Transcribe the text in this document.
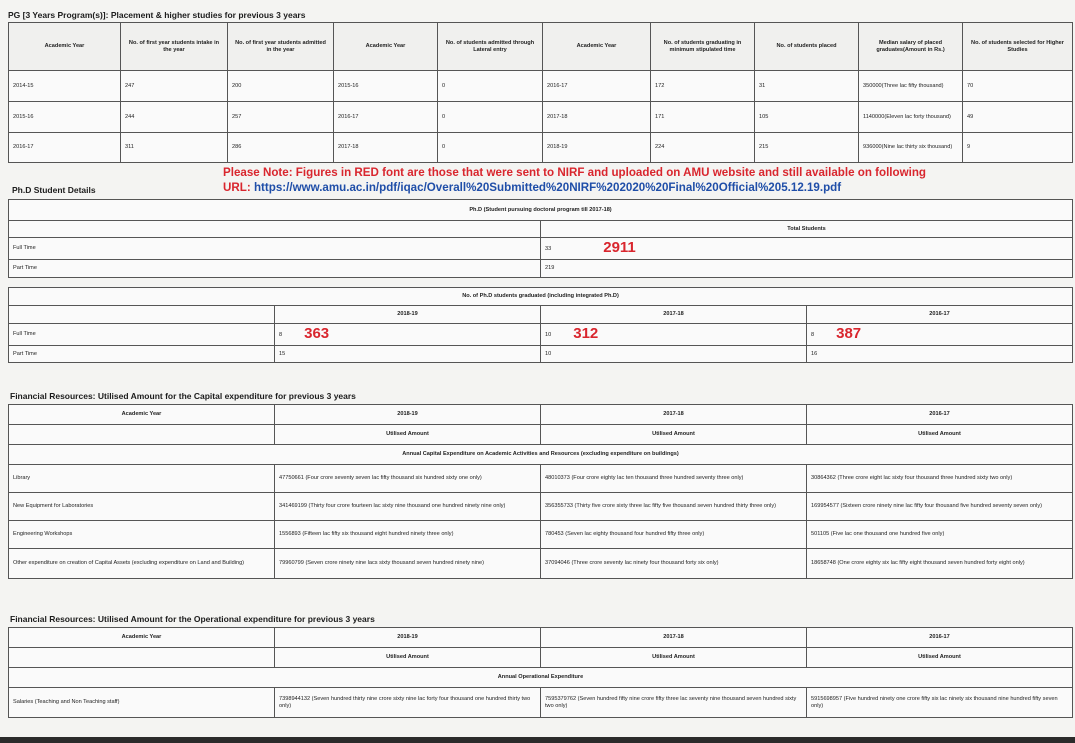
PG [3 Years Program(s)]: Placement & higher studies for previous 3 years
Academic Year	No. of first year students intake in the year	No. of first year students admitted in the year	Academic Year	No. of students admitted through Lateral entry	Academic Year	No. of students graduating in minimum stipulated time	No. of students placed	Median salary of placed graduates(Amount in Rs.)	No. of students selected for Higher Studies
2014-15	247	200	2015-16	0	2016-17	172	31	350000(Three lac fifty thousand)	70
2015-16	244	257	2016-17	0	2017-18	171	105	1140000(Eleven lac forty thousand)	49
2016-17	311	286	2017-18	0	2018-19	224	215	936000(Nine lac thirty six thousand)	9
Please Note: Figures in RED font are those that were sent to NIRF and uploaded on AMU website and still available on following
URL: https://www.amu.ac.in/pdf/iqac/Overall%20Submitted%20NIRF%202020%20Final%20Official%205.12.19.pdf
Ph.D Student Details
Ph.D (Student pursuing doctoral program till 2017-18)	
	Total Students
Full Time	33 2911
Part Time	219
No. of Ph.D students graduated (including integrated Ph.D)			
	2018-19	2017-18	2016-17
Full Time	8 363	10 312	8 387
Part Time	15	10	16
Financial Resources: Utilised Amount for the Capital expenditure for previous 3 years
Academic Year	2018-19	2017-18	2016-17
	Utilised Amount	Utilised Amount	Utilised Amount
Annual Capital Expenditure on Academic Activities and Resources (excluding expenditure on buildings)			
Library	47750661 (Four crore seventy seven lac fifty thousand six hundred sixty one only)	48010373 (Four crore eighty lac ten thousand three hundred seventy three only)	30864362 (Three crore eight lac sixty four thousand three hundred sixty two only)
New Equipment for Laboratories	341469199 (Thirty four crore fourteen lac sixty nine thousand one hundred ninety nine only)	356355733 (Thirty five crore sixty three lac fifty five thousand seven hundred thirty three only)	169954577 (Sixteen crore ninety nine lac fifty four thousand five hundred seventy seven only)
Engineering Workshops	1556893 (Fifteen lac fifty six thousand eight hundred ninety three only)	780453 (Seven lac eighty thousand four hundred fifty three only)	501105 (Five lac one thousand one hundred five only)
Other expenditure on creation of Capital Assets (excluding expenditure on Land and Building)	79960799 (Seven crore ninety nine lacs sixty thousand seven hundred ninety nine)	37094046 (Three crore seventy lac ninety four thousand forty six only)	18658748 (One crore eighty six lac fifty eight thousand seven hundred forty eight only)
Financial Resources: Utilised Amount for the Operational expenditure for previous 3 years
Academic Year	2018-19	2017-18	2016-17
	Utilised Amount	Utilised Amount	Utilised Amount
Annual Operational Expenditure			
Salaries (Teaching and Non Teaching staff)	7398944132 (Seven hundred thirty nine crore sixty nine lac forty four thousand one hundred thirty two only)	7595379762 (Seven hundred fifty nine crore fifty three lac seventy nine thousand seven hundred sixty two only)	5915698957 (Five hundred ninety one crore fifty six lac ninety six thousand nine hundred fifty seven only)
